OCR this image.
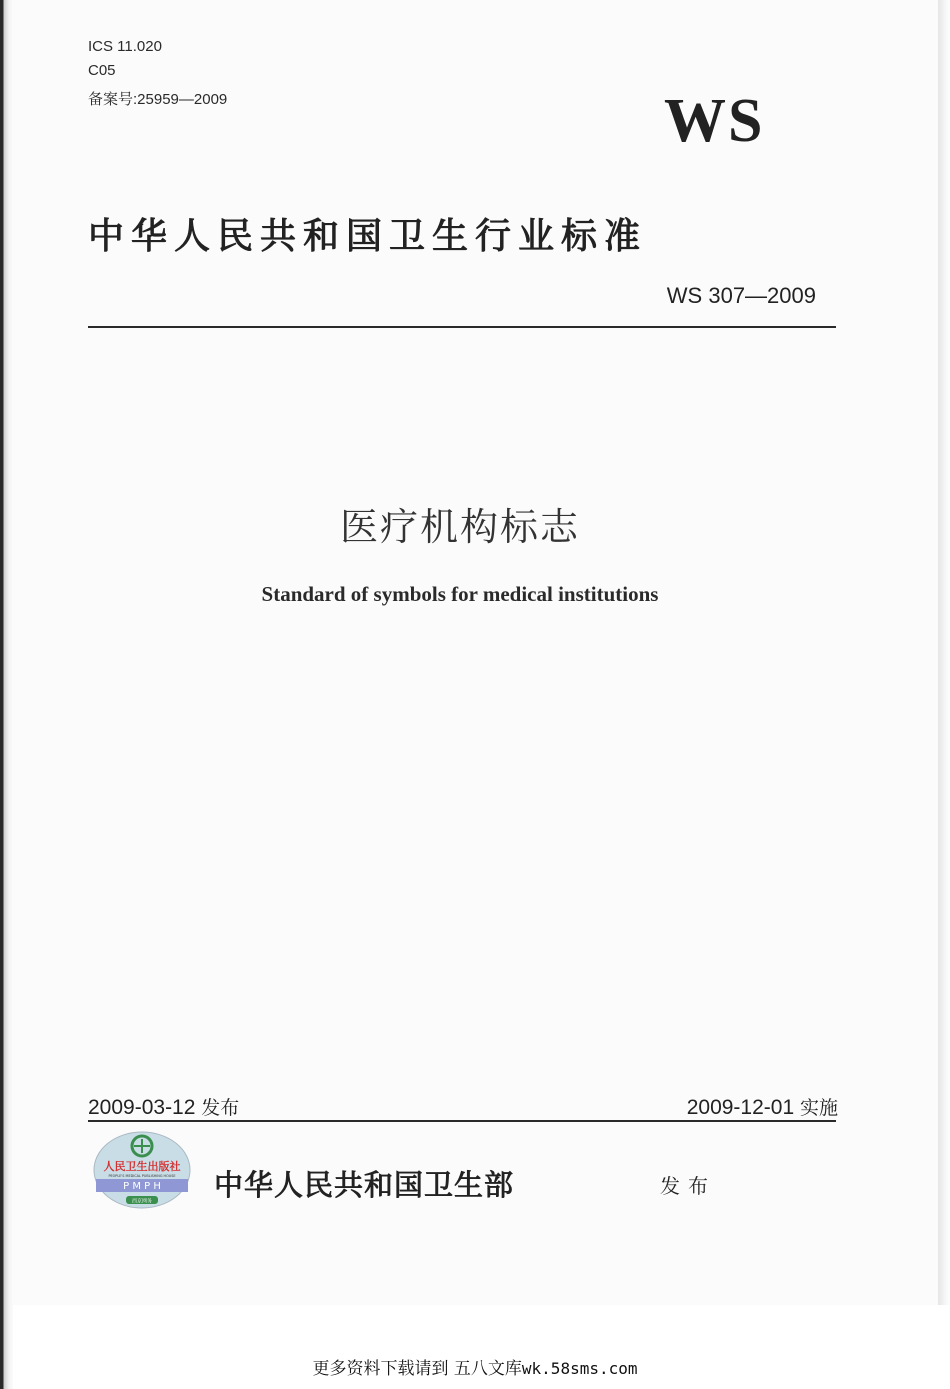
ICS 11.020
C05
备案号:25959—2009	WS
中华人民共和国卫生行业标准
WS 307—2009
医疗机构标志
Standard of symbols for medical institutions
2009-03-12 发布	2009-12-01 实施
人民卫生出版社
PEOPLE'S MEDICAL PUBLISHING HOUSE
P M P H
西京网务 中华人民共和国卫生部	发布
更多资料下载请到 五八文库wk.58sms.com
